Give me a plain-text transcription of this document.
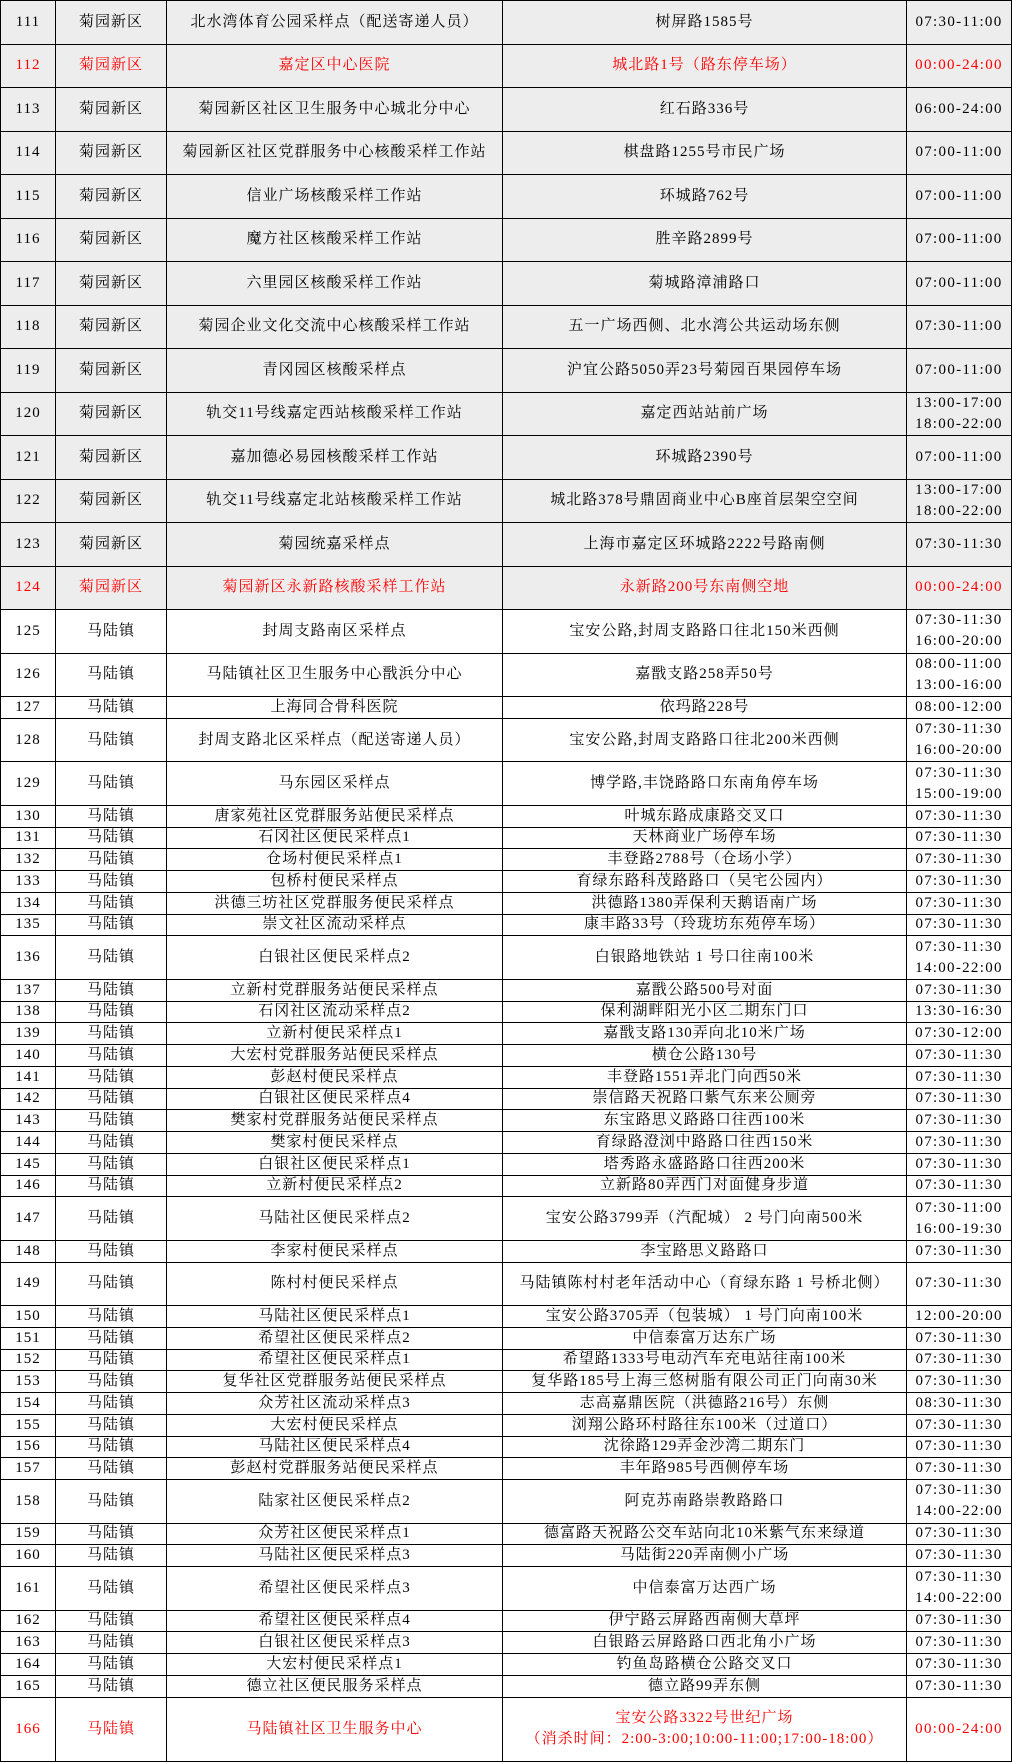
111	菊园新区	北水湾体育公园采样点（配送寄递人员）	树屏路1585号	07:30-11:00
112	菊园新区	嘉定区中心医院	城北路1号（路东停车场）	00:00-24:00
113	菊园新区	菊园新区社区卫生服务中心城北分中心	红石路336号	06:00-24:00
114	菊园新区	菊园新区社区党群服务中心核酸采样工作站	棋盘路1255号市民广场	07:00-11:00
115	菊园新区	信业广场核酸采样工作站	环城路762号	07:00-11:00
116	菊园新区	魔方社区核酸采样工作站	胜辛路2899号	07:00-11:00
117	菊园新区	六里园区核酸采样工作站	菊城路漳浦路口	07:00-11:00
118	菊园新区	菊园企业文化交流中心核酸采样工作站	五一广场西侧、北水湾公共运动场东侧	07:30-11:00
119	菊园新区	青冈园区核酸采样点	沪宜公路5050弄23号菊园百果园停车场	07:00-11:00
120	菊园新区	轨交11号线嘉定西站核酸采样工作站	嘉定西站站前广场
13:00-17:00
18:00-22:00
121	菊园新区	嘉加德必易园核酸采样工作站	环城路2390号	07:00-11:00
122	菊园新区	轨交11号线嘉定北站核酸采样工作站	城北路378号鼎固商业中心B座首层架空空间
13:00-17:00
18:00-22:00
123	菊园新区	菊园统嘉采样点	上海市嘉定区环城路2222号路南侧	07:30-11:30
124	菊园新区	菊园新区永新路核酸采样工作站	永新路200号东南侧空地	00:00-24:00
125	马陆镇	封周支路南区采样点	宝安公路,封周支路路口往北150米西侧
07:30-11:30
16:00-20:00
126	马陆镇	马陆镇社区卫生服务中心戬浜分中心	嘉戬支路258弄50号
08:00-11:00
13:00-16:00
127	马陆镇	上海同合骨科医院	依玛路228号	08:00-12:00
128	马陆镇	封周支路北区采样点（配送寄递人员）	宝安公路,封周支路路口往北200米西侧
07:30-11:30
16:00-20:00
129	马陆镇	马东园区采样点	博学路,丰饶路路口东南角停车场
07:30-11:30
15:00-19:00
130	马陆镇	唐家苑社区党群服务站便民采样点	叶城东路成康路交叉口	07:30-11:30
131	马陆镇	石冈社区便民采样点1	天林商业广场停车场	07:30-11:30
132	马陆镇	仓场村便民采样点1	丰登路2788号（仓场小学）	07:30-11:30
133	马陆镇	包桥村便民采样点	育绿东路科茂路路口（吴宅公园内）	07:30-11:30
134	马陆镇	洪德三坊社区党群服务便民采样点	洪德路1380弄保利天鹅语南广场	07:30-11:30
135	马陆镇	崇文社区流动采样点	康丰路33号（玲珑坊东苑停车场）	07:30-11:30
136	马陆镇	白银社区便民采样点2	白银路地铁站 1 号口往南100米
07:30-11:30
14:00-22:00
137	马陆镇	立新村党群服务站便民采样点	嘉戬公路500号对面	07:30-11:30
138	马陆镇	石冈社区流动采样点2	保利湖畔阳光小区二期东门口	13:30-16:30
139	马陆镇	立新村便民采样点1	嘉戬支路130弄向北10米广场	07:30-12:00
140	马陆镇	大宏村党群服务站便民采样点	横仓公路130号	07:30-11:30
141	马陆镇	彭赵村便民采样点	丰登路1551弄北门向西50米	07:30-11:30
142	马陆镇	白银社区便民采样点4	崇信路天祝路口紫气东来公厕旁	07:30-11:30
143	马陆镇	樊家村党群服务站便民采样点	东宝路思义路路口往西100米	07:30-11:30
144	马陆镇	樊家村便民采样点	育绿路澄浏中路路口往西150米	07:30-11:30
145	马陆镇	白银社区便民采样点1	塔秀路永盛路路口往西200米	07:30-11:30
146	马陆镇	立新村便民采样点2	立新路80弄西门对面健身步道	07:30-11:30
147	马陆镇	马陆社区便民采样点2	宝安公路3799弄（汽配城） 2 号门向南500米
07:30-11:00
16:00-19:30
148	马陆镇	李家村便民采样点	李宝路思义路路口	07:30-11:30
149	马陆镇	陈村村便民采样点	马陆镇陈村村老年活动中心（育绿东路 1 号桥北侧）	07:30-11:30
150	马陆镇	马陆社区便民采样点1	宝安公路3705弄（包装城） 1 号门向南100米	12:00-20:00
151	马陆镇	希望社区便民采样点2	中信泰富万达东广场	07:30-11:30
152	马陆镇	希望社区便民采样点1	希望路1333号电动汽车充电站往南100米	07:30-11:30
153	马陆镇	复华社区党群服务站便民采样点	复华路185号上海三悠树脂有限公司正门向南30米	07:30-11:30
154	马陆镇	众芳社区流动采样点3	志高嘉鼎医院（洪德路216号）东侧	08:30-11:30
155	马陆镇	大宏村便民采样点	浏翔公路环村路往东100米（过道口）	07:30-11:30
156	马陆镇	马陆社区便民采样点4	沈徐路129弄金沙湾二期东门	07:30-11:30
157	马陆镇	彭赵村党群服务站便民采样点	丰年路985号西侧停车场	07:30-11:30
158	马陆镇	陆家社区便民采样点2	阿克苏南路崇教路路口
07:30-11:30
14:00-22:00
159	马陆镇	众芳社区便民采样点1	德富路天祝路公交车站向北10米紫气东来绿道	07:30-11:30
160	马陆镇	马陆社区便民采样点3	马陆街220弄南侧小广场	07:30-11:30
161	马陆镇	希望社区便民采样点3	中信泰富万达西广场
07:30-11:30
14:00-22:00
162	马陆镇	希望社区便民采样点4	伊宁路云屏路西南侧大草坪	07:30-11:30
163	马陆镇	白银社区便民采样点3	白银路云屏路路口西北角小广场	07:30-11:30
164	马陆镇	大宏村便民采样点1	钓鱼岛路横仓公路交叉口	07:30-11:30
165	马陆镇	德立社区便民服务采样点	德立路99弄东侧	07:30-11:30
166	马陆镇	马陆镇社区卫生服务中心
宝安公路3322号世纪广场
（消杀时间：2:00-3:00;10:00-11:00;17:00-18:00）
00:00-24:00
